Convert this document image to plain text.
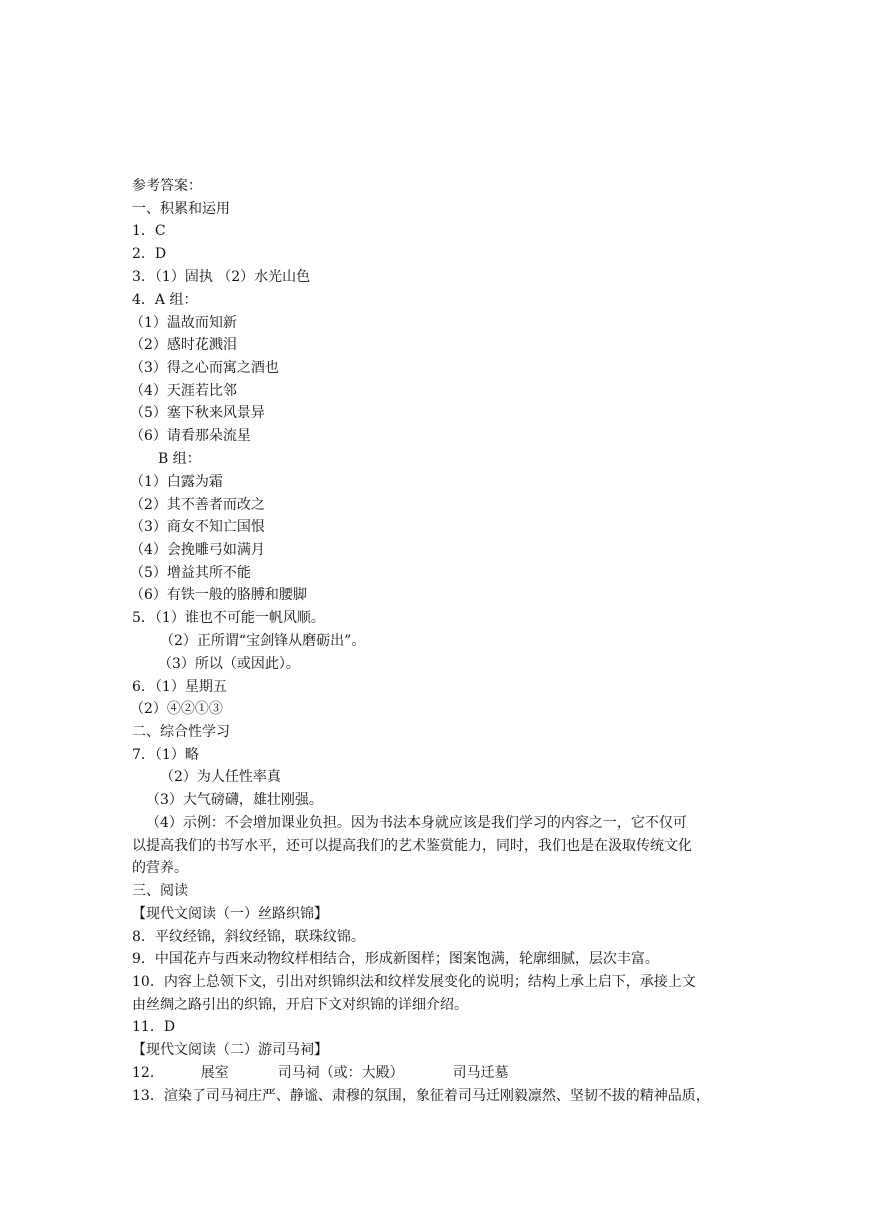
参考答案：
一、积累和运用
1．C
2．D
3．（1）固执 （2）水光山色
4．A 组：
（1）温故而知新
（2）感时花溅泪
（3）得之心而寓之酒也
（4）天涯若比邻
（5）塞下秋来风景异
（6）请看那朵流星
B 组：
（1）白露为霜
（2）其不善者而改之
（3）商女不知亡国恨
（4）会挽雕弓如满月
（5）增益其所不能
（6）有铁一般的胳膊和腰脚
5．（1）谁也不可能一帆风顺。
（2）正所谓“宝剑锋从磨砺出”。
（3）所以（或因此）。
6．（1）星期五
（2）④②①③
二、综合性学习
7．（1）略
（2）为人任性率真
（3）大气磅礴，雄壮刚强。
（4）示例：不会增加课业负担。因为书法本身就应该是我们学习的内容之一，它不仅可
以提高我们的书写水平，还可以提高我们的艺术鉴赏能力，同时，我们也是在汲取传统文化
的营养。
三、阅读
【现代文阅读（一）丝路织锦】
8．平纹经锦，斜纹经锦，联珠纹锦。
9．中国花卉与西来动物纹样相结合，形成新图样；图案饱满，轮廓细腻，层次丰富。
10．内容上总领下文，引出对织锦织法和纹样发展变化的说明；结构上承上启下，承接上文
由丝绸之路引出的织锦，开启下文对织锦的详细介绍。
11．D
【现代文阅读（二）游司马祠】
12．	展室	司马祠（或：大殿）	司马迁墓
13．渲染了司马祠庄严、静谧、肃穆的氛围，象征着司马迁刚毅凛然、坚韧不拔的精神品质，
